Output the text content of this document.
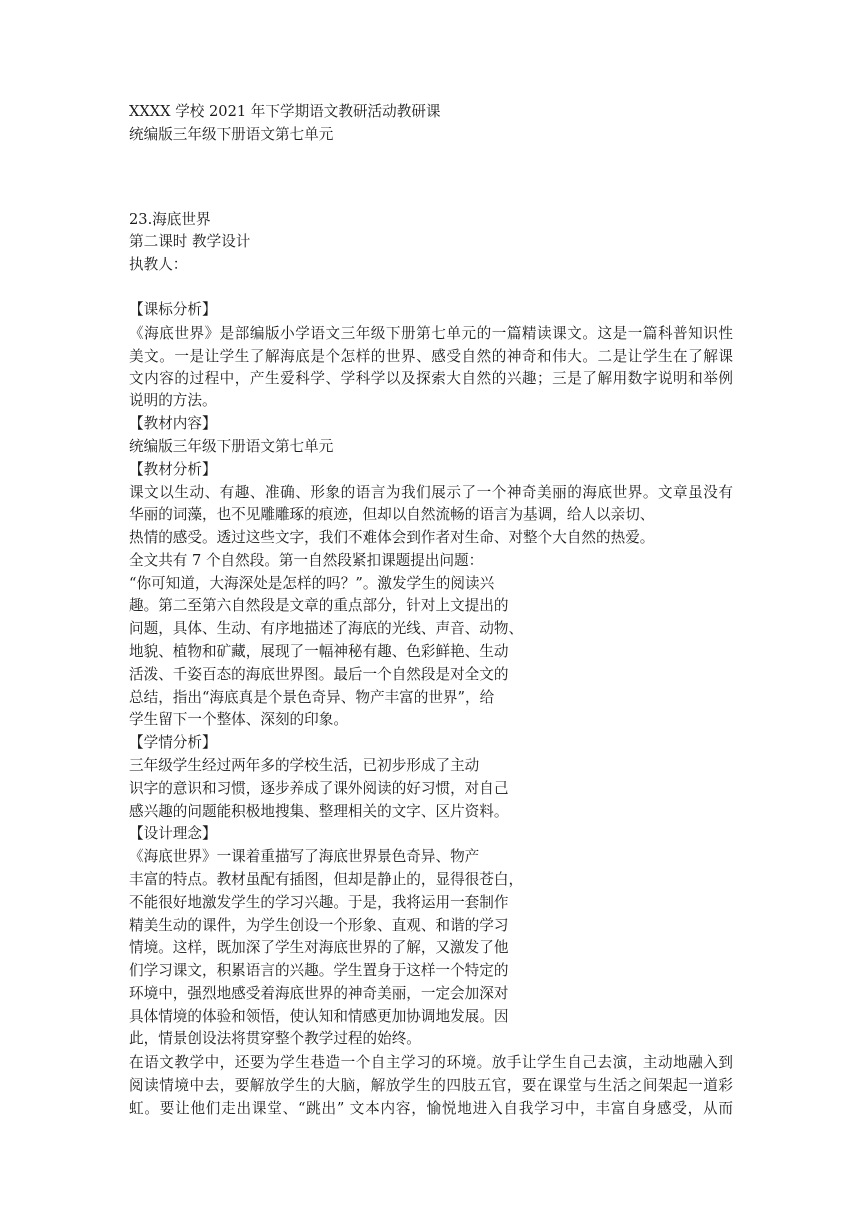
XXXX 学校 2021 年下学期语文教研活动教研课
统编版三年级下册语文第七单元
23.海底世界
第二课时 教学设计
执教人：
【课标分析】
《海底世界》是部编版小学语文三年级下册第七单元的一篇精读课文。这是一篇科普知识性
美文。一是让学生了解海底是个怎样的世界、感受自然的神奇和伟大。二是让学生在了解课
文内容的过程中，产生爱科学、学科学以及探索大自然的兴趣；三是了解用数字说明和举例
说明的方法。
【教材内容】
统编版三年级下册语文第七单元
【教材分析】
课文以生动、有趣、准确、形象的语言为我们展示了一个神奇美丽的海底世界。文章虽没有
华丽的词藻，也不见雕雕琢的痕迹，但却以自然流畅的语言为基调，给人以亲切、
热情的感受。透过这些文字，我们不难体会到作者对生命、对整个大自然的热爱。
全文共有 7 个自然段。第一自然段紧扣课题提出问题：
“你可知道，大海深处是怎样的吗？”。激发学生的阅读兴
趣。第二至第六自然段是文章的重点部分，针对上文提出的
问题，具体、生动、有序地描述了海底的光线、声音、动物、
地貌、植物和矿藏，展现了一幅神秘有趣、色彩鲜艳、生动
活泼、千姿百态的海底世界图。最后一个自然段是对全文的
总结，指出“海底真是个景色奇异、物产丰富的世界”，给
学生留下一个整体、深刻的印象。
【学情分析】
三年级学生经过两年多的学校生活，已初步形成了主动
识字的意识和习惯，逐步养成了课外阅读的好习惯，对自己
感兴趣的问题能积极地搜集、整理相关的文字、区片资料。
【设计理念】
《海底世界》一课着重描写了海底世界景色奇异、物产
丰富的特点。教材虽配有插图，但却是静止的，显得很苍白，
不能很好地激发学生的学习兴趣。于是，我将运用一套制作
精美生动的课件，为学生创设一个形象、直观、和谐的学习
情境。这样，既加深了学生对海底世界的了解，又激发了他
们学习课文，积累语言的兴趣。学生置身于这样一个特定的
环境中，强烈地感受着海底世界的神奇美丽，一定会加深对
具体情境的体验和领悟，使认知和情感更加协调地发展。因
此，情景创设法将贯穿整个教学过程的始终。
在语文教学中，还要为学生巷造一个自主学习的环境。放手让学生自己去演，主动地融入到
阅读情境中去，要解放学生的大脑，解放学生的四肢五官，要在课堂与生活之间架起一道彩
虹。要让他们走出课堂、“跳出” 文本内容，愉悦地进入自我学习中，丰富自身感受，从而
